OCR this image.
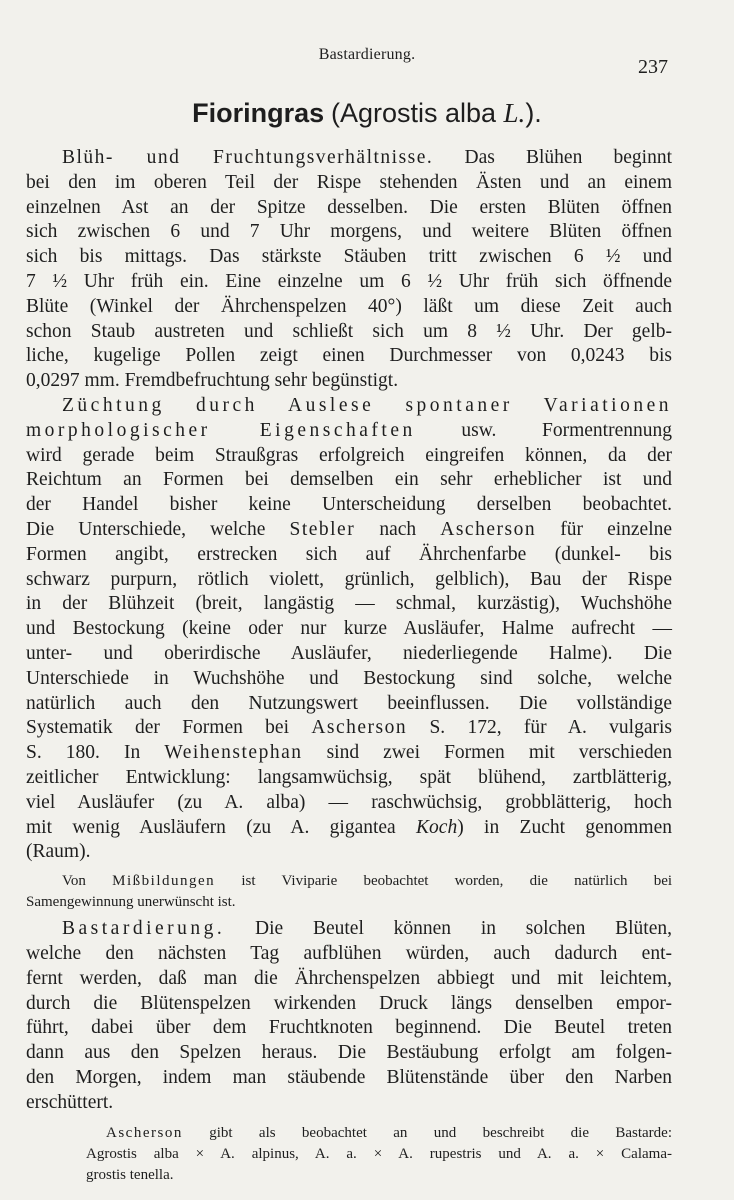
Bastardierung.
237
Fioringras (Agrostis alba L.).
Blüh- und Fruchtungsverhältnisse. Das Blühen beginnt
bei den im oberen Teil der Rispe stehenden Ästen und an einem
einzelnen Ast an der Spitze desselben. Die ersten Blüten öffnen
sich zwischen 6 und 7 Uhr morgens, und weitere Blüten öffnen
sich bis mittags. Das stärkste Stäuben tritt zwischen 6 ½ und
7 ½ Uhr früh ein. Eine einzelne um 6 ½ Uhr früh sich öffnende
Blüte (Winkel der Ährchenspelzen 40°) läßt um diese Zeit auch
schon Staub austreten und schließt sich um 8 ½ Uhr. Der gelb-
liche, kugelige Pollen zeigt einen Durchmesser von 0,0243 bis
0,0297 mm. Fremdbefruchtung sehr begünstigt.
Züchtung durch Auslese spontaner Variationen
morphologischer Eigenschaften usw. Formentrennung
wird gerade beim Straußgras erfolgreich eingreifen können, da der
Reichtum an Formen bei demselben ein sehr erheblicher ist und
der Handel bisher keine Unterscheidung derselben beobachtet.
Die Unterschiede, welche Stebler nach Ascherson für einzelne
Formen angibt, erstrecken sich auf Ährchenfarbe (dunkel- bis
schwarz purpurn, rötlich violett, grünlich, gelblich), Bau der Rispe
in der Blühzeit (breit, langästig — schmal, kurzästig), Wuchshöhe
und Bestockung (keine oder nur kurze Ausläufer, Halme aufrecht —
unter- und oberirdische Ausläufer, niederliegende Halme). Die
Unterschiede in Wuchshöhe und Bestockung sind solche, welche
natürlich auch den Nutzungswert beeinflussen. Die vollständige
Systematik der Formen bei Ascherson S. 172, für A. vulgaris
S. 180. In Weihenstephan sind zwei Formen mit verschieden
zeitlicher Entwicklung: langsamwüchsig, spät blühend, zartblätterig,
viel Ausläufer (zu A. alba) — raschwüchsig, grobblätterig, hoch
mit wenig Ausläufern (zu A. gigantea Koch) in Zucht genommen
(Raum).
Von Mißbildungen ist Viviparie beobachtet worden, die natürlich bei
Samengewinnung unerwünscht ist.
Bastardierung. Die Beutel können in solchen Blüten,
welche den nächsten Tag aufblühen würden, auch dadurch ent-
fernt werden, daß man die Ährchenspelzen abbiegt und mit leichtem,
durch die Blütenspelzen wirkenden Druck längs denselben empor-
führt, dabei über dem Fruchtknoten beginnend. Die Beutel treten
dann aus den Spelzen heraus. Die Bestäubung erfolgt am folgen-
den Morgen, indem man stäubende Blütenstände über den Narben
erschüttert.
Ascherson gibt als beobachtet an und beschreibt die Bastarde:
Agrostis alba × A. alpinus, A. a. × A. rupestris und A. a. × Calama-
grostis tenella.
